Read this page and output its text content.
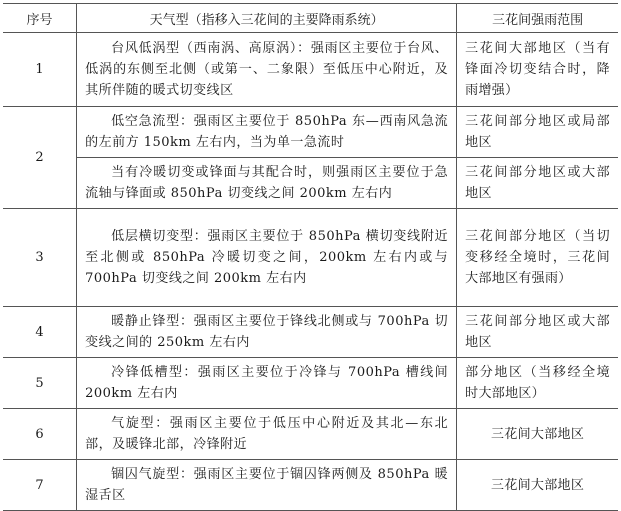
序号	天气型（指移入三花间的主要降雨系统）	三花间强雨范围
1	台风低涡型（西南涡、高原涡）：强雨区主要位于台风、低涡的东侧至北侧（或第一、二象限）至低压中心附近，及其所伴随的暖式切变线区	三花间大部地区（当有锋面冷切变结合时，降雨增强）
2	低空急流型：强雨区主要位于 850hPa 东—西南风急流的左前方 150km 左右内，当为单一急流时	三花间部分地区或局部地区
	当有冷暖切变或锋面与其配合时，则强雨区主要位于急流轴与锋面或 850hPa 切变线之间 200km 左右内	三花间部分地区或大部地区
3	低层横切变型：强雨区主要位于 850hPa 横切变线附近至北侧或 850hPa 冷暖切变之间，200km 左右内或与 700hPa 切变线之间 200km 左右内	三花间部分地区（当切变移经全境时，三花间大部地区有强雨）
4	暖静止锋型：强雨区主要位于锋线北侧或与 700hPa 切变线之间的 250km 左右内	三花间部分地区或大部地区
5	冷锋低槽型：强雨区主要位于冷锋与 700hPa 槽线间 200km 左右内	部分地区（当移经全境时大部地区）
6	气旋型：强雨区主要位于低压中心附近及其北—东北部，及暖锋北部，冷锋附近	三花间大部地区
7	锢囚气旋型：强雨区主要位于锢囚锋两侧及 850hPa 暖湿舌区	三花间大部地区
